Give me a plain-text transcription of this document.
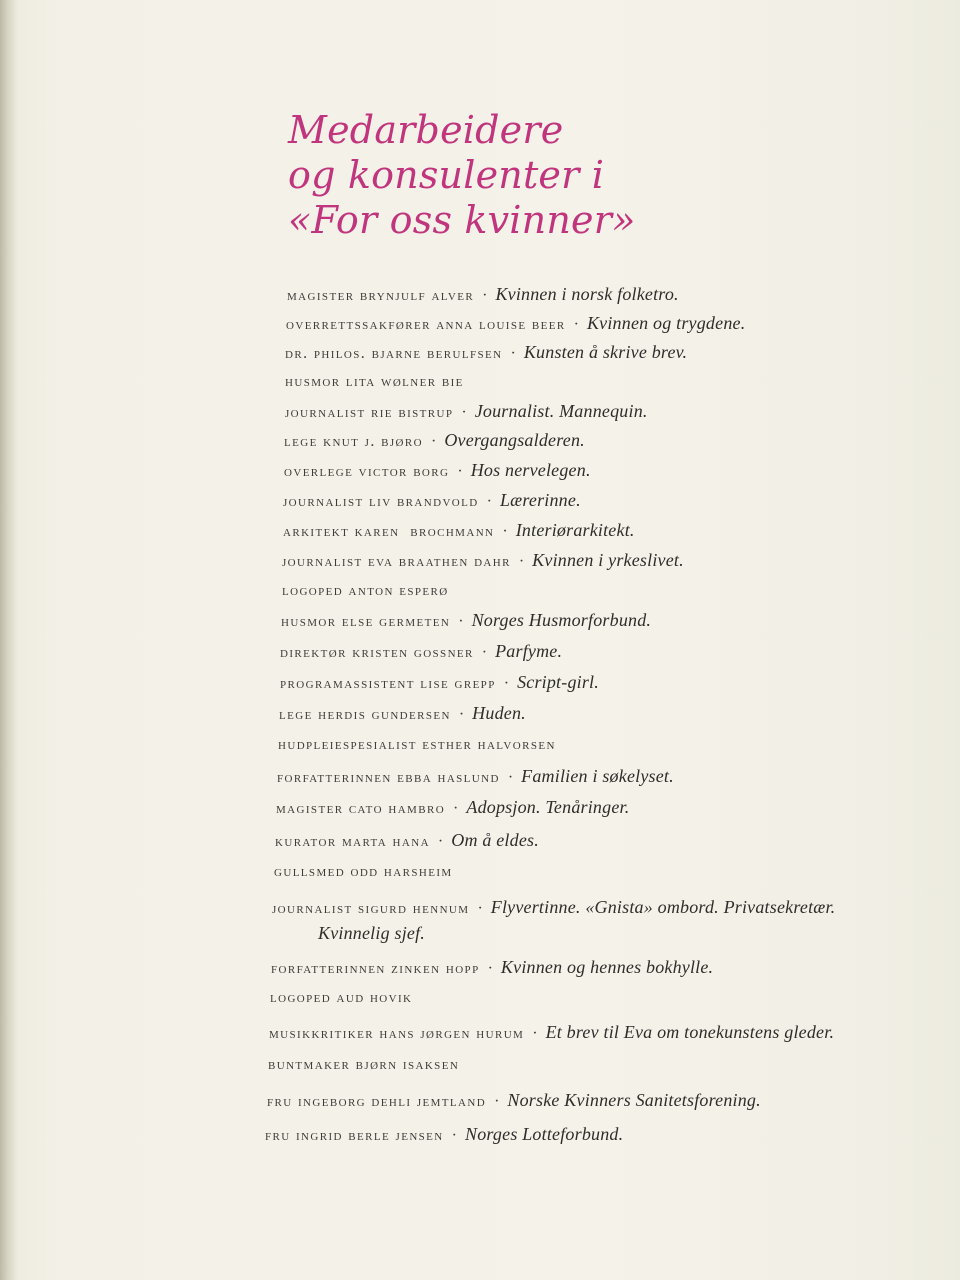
Medarbeidere
og konsulenter i
«For oss kvinner»
magister brynjulf alver · Kvinnen i norsk folketro.
overrettssakfører anna louise beer · Kvinnen og trygdene.
dr. philos. bjarne berulfsen · Kunsten å skrive brev.
husmor lita wølner bie
journalist rie bistrup · Journalist. Mannequin.
lege knut j. bjøro · Overgangsalderen.
overlege victor borg · Hos nervelegen.
journalist liv brandvold · Lærerinne.
arkitekt karen  brochmann · Interiørarkitekt.
journalist eva braathen dahr · Kvinnen i yrkeslivet.
logoped anton esperø
husmor else germeten · Norges Husmorforbund.
direktør kristen gossner · Parfyme.
programassistent lise grepp · Script-girl.
lege herdis gundersen · Huden.
hudpleiespesialist esther halvorsen
forfatterinnen ebba haslund · Familien i søkelyset.
magister cato hambro · Adopsjon. Tenåringer.
kurator marta hana · Om å eldes.
gullsmed odd harsheim
journalist sigurd hennum · Flyvertinne. «Gnista» ombord. Privatsekretær.
Kvinnelig sjef.
forfatterinnen zinken hopp · Kvinnen og hennes bokhylle.
logoped aud hovik
musikkritiker hans jørgen hurum · Et brev til Eva om tonekunstens gleder.
buntmaker bjørn isaksen
fru ingeborg dehli jemtland · Norske Kvinners Sanitetsforening.
fru ingrid berle jensen · Norges Lotteforbund.
